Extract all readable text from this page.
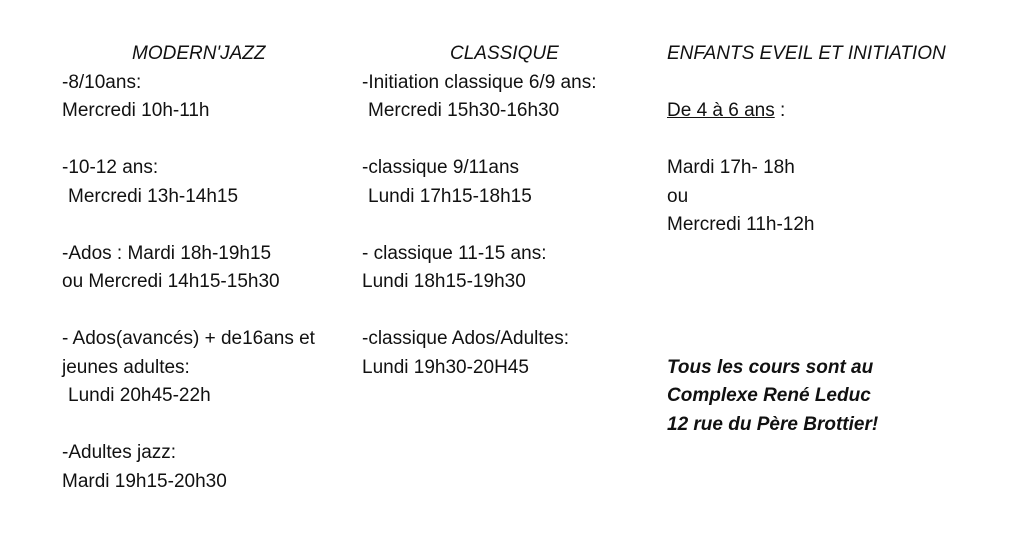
MODERN'JAZZ
-8/10ans:
Mercredi 10h-11h
-10-12 ans:
Mercredi 13h-14h15
-Ados : Mardi 18h-19h15
ou Mercredi 14h15-15h30
- Ados(avancés) + de16ans et
jeunes adultes:
Lundi 20h45-22h
-Adultes jazz:
Mardi 19h15-20h30
CLASSIQUE
-Initiation classique 6/9 ans:
Mercredi 15h30-16h30
-classique 9/11ans
Lundi 17h15-18h15
- classique 11-15 ans:
Lundi 18h15-19h30
-classique Ados/Adultes:
Lundi 19h30-20H45
ENFANTS EVEIL ET INITIATION
De 4 à 6 ans :
Mardi 17h- 18h
ou
Mercredi 11h-12h
Tous les cours sont au
Complexe René Leduc
12 rue du Père Brottier!
